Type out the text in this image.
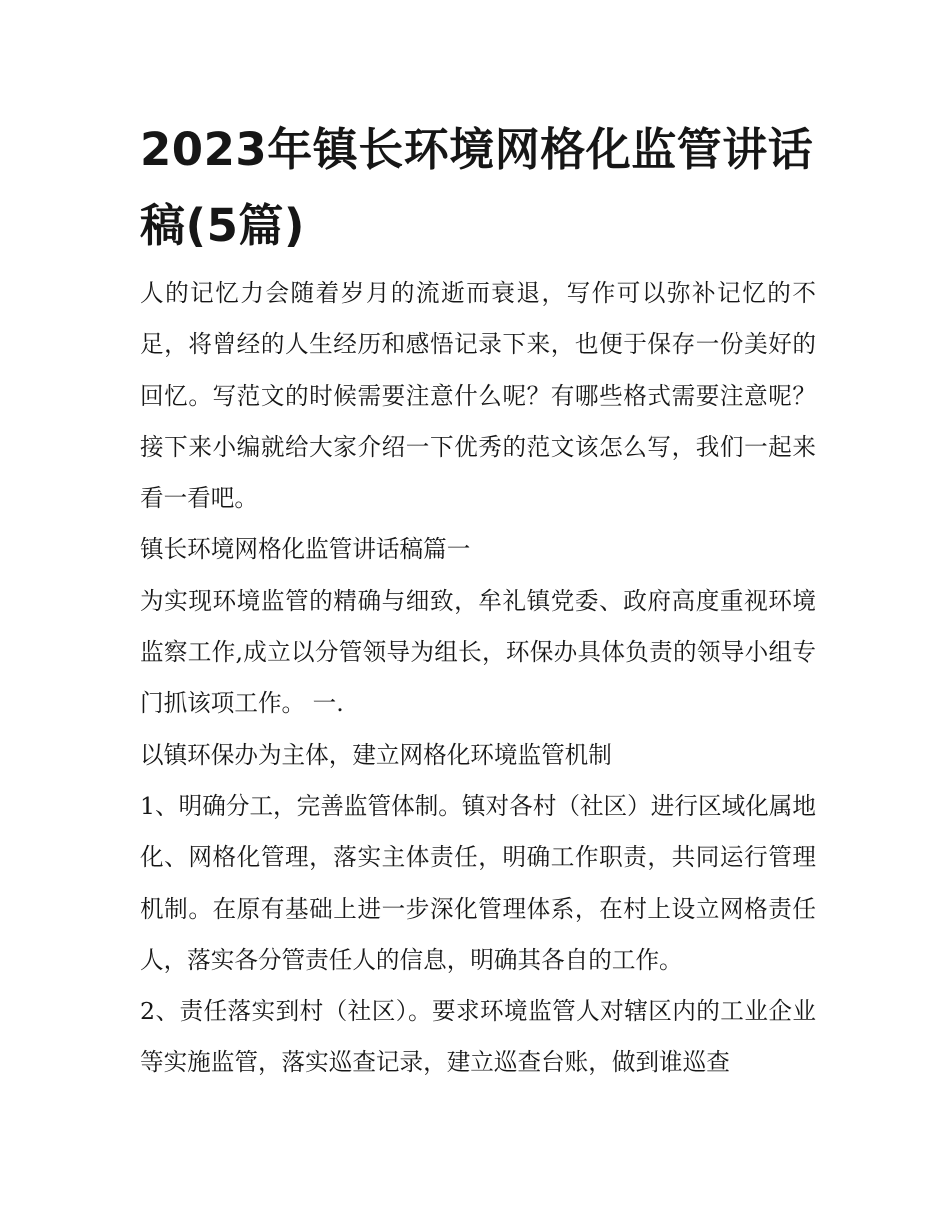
2023年镇长环境网格化监管讲话稿(5篇)

人的记忆力会随着岁月的流逝而衰退，写作可以弥补记忆的不足，将曾经的人生经历和感悟记录下来，也便于保存一份美好的回忆。写范文的时候需要注意什么呢？有哪些格式需要注意呢？接下来小编就给大家介绍一下优秀的范文该怎么写，我们一起来看一看吧。

镇长环境网格化监管讲话稿篇一

为实现环境监管的精确与细致，牟礼镇党委、政府高度重视环境监察工作,成立以分管领导为组长，环保办具体负责的领导小组专门抓该项工作。 一.

以镇环保办为主体，建立网格化环境监管机制

1、明确分工，完善监管体制。镇对各村（社区）进行区域化属地化、网格化管理，落实主体责任，明确工作职责，共同运行管理机制。在原有基础上进一步深化管理体系，在村上设立网格责任人，落实各分管责任人的信息，明确其各自的工作。

2、责任落实到村（社区）。要求环境监管人对辖区内的工业企业等实施监管，落实巡查记录，建立巡查台账，做到谁巡查
